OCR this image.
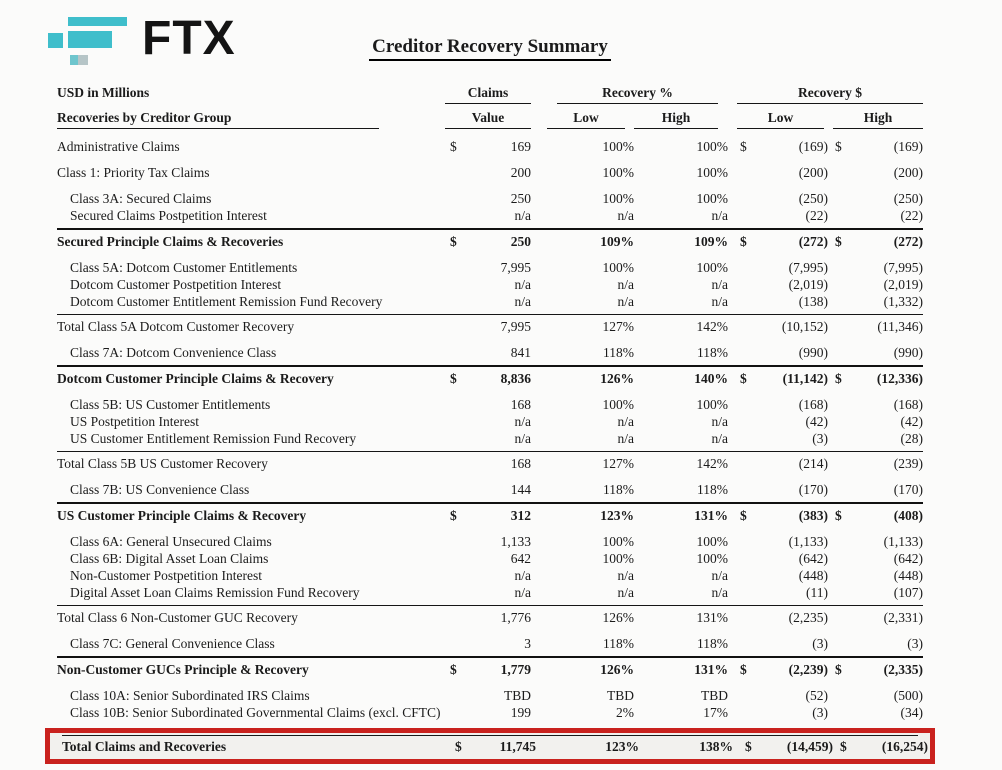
FTX	Creditor Recovery Summary
USD in Millions	Claims	Recovery %	Recovery $
Recoveries by Creditor Group	Value	Low	High	Low	High
Administrative Claims	$	169	100%	100% $	(169) $	(169)
Class 1: Priority Tax Claims	200	100%	100%	(200)	(200)
Class 3A: Secured Claims	250	100%	100%	(250)	(250)
Secured Claims Postpetition Interest	n/a	n/a	n/a	(22)	(22)
Secured Principle Claims & Recoveries	$	250	109%	109% $	(272) $	(272)
Class 5A: Dotcom Customer Entitlements	7,995	100%	100%	(7,995)	(7,995)
Dotcom Customer Postpetition Interest	n/a	n/a	n/a	(2,019)	(2,019)
Dotcom Customer Entitlement Remission Fund Recovery	n/a	n/a	n/a	(138)	(1,332)
Total Class 5A Dotcom Customer Recovery	7,995	127%	142%	(10,152)	(11,346)
Class 7A: Dotcom Convenience Class	841	118%	118%	(990)	(990)
Dotcom Customer Principle Claims & Recovery	$	8,836	126%	140% $	(11,142) $	(12,336)
Class 5B: US Customer Entitlements	168	100%	100%	(168)	(168)
US Postpetition Interest	n/a	n/a	n/a	(42)	(42)
US Customer Entitlement Remission Fund Recovery	n/a	n/a	n/a	(3)	(28)
Total Class 5B US Customer Recovery	168	127%	142%	(214)	(239)
Class 7B: US Convenience Class	144	118%	118%	(170)	(170)
US Customer Principle Claims & Recovery	$	312	123%	131% $	(383) $	(408)
Class 6A: General Unsecured Claims	1,133	100%	100%	(1,133)	(1,133)
Class 6B: Digital Asset Loan Claims	642	100%	100%	(642)	(642)
Non-Customer Postpetition Interest	n/a	n/a	n/a	(448)	(448)
Digital Asset Loan Claims Remission Fund Recovery	n/a	n/a	n/a	(11)	(107)
Total Class 6 Non-Customer GUC Recovery	1,776	126%	131%	(2,235)	(2,331)
Class 7C: General Convenience Class	3	118%	118%	(3)	(3)
Non-Customer GUCs Principle & Recovery	$	1,779	126%	131% $	(2,239) $	(2,335)
Class 10A: Senior Subordinated IRS Claims	TBD	TBD	TBD	(52)	(500)
Class 10B: Senior Subordinated Governmental Claims (excl. CFTC)	199	2%	17%	(3)	(34)
Total Claims and Recoveries	$	11,745	123%	138% $	(14,459) $	(16,254)
